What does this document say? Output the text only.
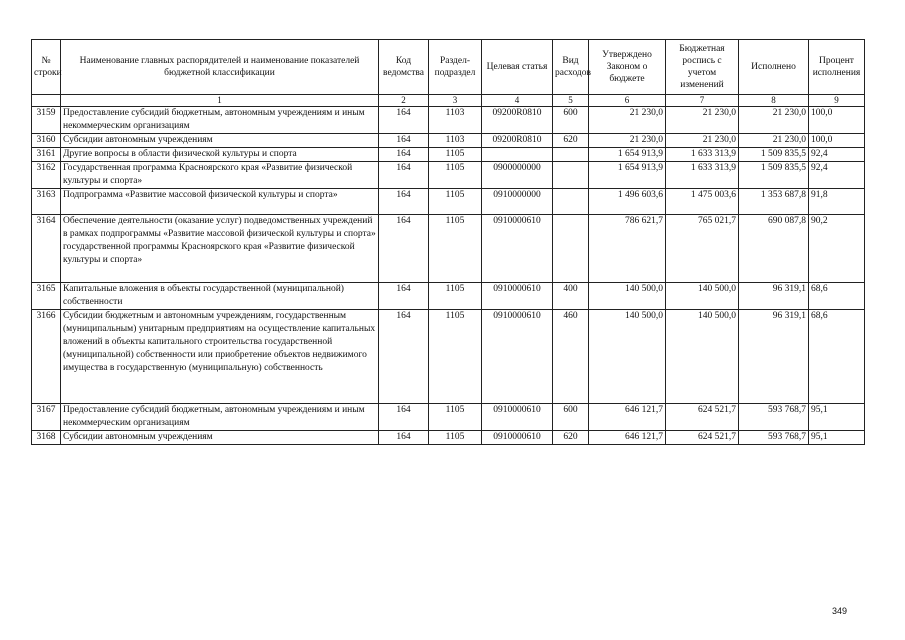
№ строки	Наименование главных распорядителей и наименование показателей бюджетной классификации	Код ведомства	Раздел-подраздел	Целевая статья	Вид расходов	Утверждено Законом о бюджете	Бюджетная роспись с учетом изменений	Исполнено	Процент исполнения
	1	2	3	4	5	6	7	8	9
3159	Предоставление субсидий бюджетным, автономным учреждениям и иным некоммерческим организациям	164	1103	09200R0810	600	21 230,0	21 230,0	21 230,0	100,0
3160	Субсидии автономным учреждениям	164	1103	09200R0810	620	21 230,0	21 230,0	21 230,0	100,0
3161	Другие вопросы в области физической культуры и спорта	164	1105			1 654 913,9	1 633 313,9	1 509 835,5	92,4
3162	Государственная программа Красноярского края «Развитие физической культуры и спорта»	164	1105	0900000000		1 654 913,9	1 633 313,9	1 509 835,5	92,4
3163	Подпрограмма «Развитие массовой физической культуры и спорта»	164	1105	0910000000		1 496 603,6	1 475 003,6	1 353 687,8	91,8
3164	Обеспечение деятельности (оказание услуг) подведомственных учреждений в рамках подпрограммы «Развитие массовой физической культуры и спорта» государственной программы Красноярского края «Развитие физической культуры и спорта»	164	1105	0910000610		786 621,7	765 021,7	690 087,8	90,2
3165	Капитальные вложения в объекты государственной (муниципальной) собственности	164	1105	0910000610	400	140 500,0	140 500,0	96 319,1	68,6
3166	Субсидии бюджетным и автономным учреждениям, государственным (муниципальным) унитарным предприятиям на осуществление капитальных вложений в объекты капитального строительства государственной (муниципальной) собственности или приобретение объектов недвижимого имущества в государственную (муниципальную) собственность	164	1105	0910000610	460	140 500,0	140 500,0	96 319,1	68,6
3167	Предоставление субсидий бюджетным, автономным учреждениям и иным некоммерческим организациям	164	1105	0910000610	600	646 121,7	624 521,7	593 768,7	95,1
3168	Субсидии автономным учреждениям	164	1105	0910000610	620	646 121,7	624 521,7	593 768,7	95,1
349
